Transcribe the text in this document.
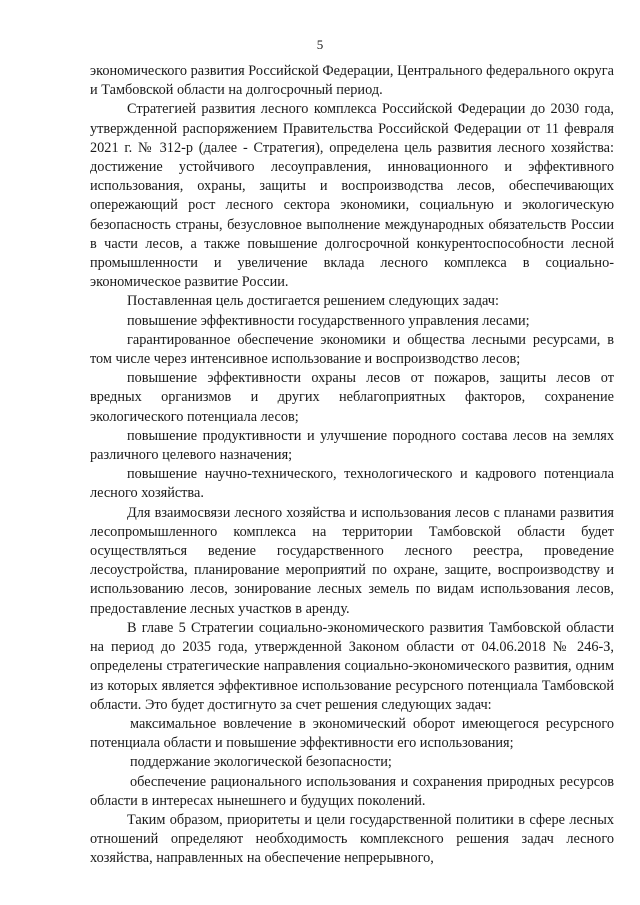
5

экономического развития Российской Федерации, Центрального федерального округа и Тамбовской области на долгосрочный период.

Стратегией развития лесного комплекса Российской Федерации до 2030 года, утвержденной распоряжением Правительства Российской Федерации от 11 февраля 2021 г. № 312-р (далее - Стратегия), определена цель развития лесного хозяйства: достижение устойчивого лесоуправления, инновационного и эффективного использования, охраны, защиты и воспроизводства лесов, обеспечивающих опережающий рост лесного сектора экономики, социальную и экологическую безопасность страны, безусловное выполнение международных обязательств России в части лесов, а также повышение долгосрочной конкурентоспособности лесной промышленности и увеличение вклада лесного комплекса в социально-экономическое развитие России.

Поставленная цель достигается решением следующих задач:

повышение эффективности государственного управления лесами;

гарантированное обеспечение экономики и общества лесными ресурсами, в том числе через интенсивное использование и воспроизводство лесов;

повышение эффективности охраны лесов от пожаров, защиты лесов от вредных организмов и других неблагоприятных факторов, сохранение экологического потенциала лесов;

повышение продуктивности и улучшение породного состава лесов на землях различного целевого назначения;

повышение научно-технического, технологического и кадрового потенциала лесного хозяйства.

Для взаимосвязи лесного хозяйства и использования лесов с планами развития лесопромышленного комплекса на территории Тамбовской области будет осуществляться ведение государственного лесного реестра, проведение лесоустройства, планирование мероприятий по охране, защите, воспроизводству и использованию лесов, зонирование лесных земель по видам использования лесов, предоставление лесных участков в аренду.

В главе 5 Стратегии социально-экономического развития Тамбовской области на период до 2035 года, утвержденной Законом области от 04.06.2018 № 246-З, определены стратегические направления социально-экономического развития, одним из которых является эффективное использование ресурсного потенциала Тамбовской области. Это будет достигнуто за счет решения следующих задач:

максимальное вовлечение в экономический оборот имеющегося ресурсного потенциала области и повышение эффективности его использования;

поддержание экологической безопасности;

обеспечение рационального использования и сохранения природных ресурсов области в интересах нынешнего и будущих поколений.

Таким образом, приоритеты и цели государственной политики в сфере лесных отношений определяют необходимость комплексного решения задач лесного хозяйства, направленных на обеспечение непрерывного,
